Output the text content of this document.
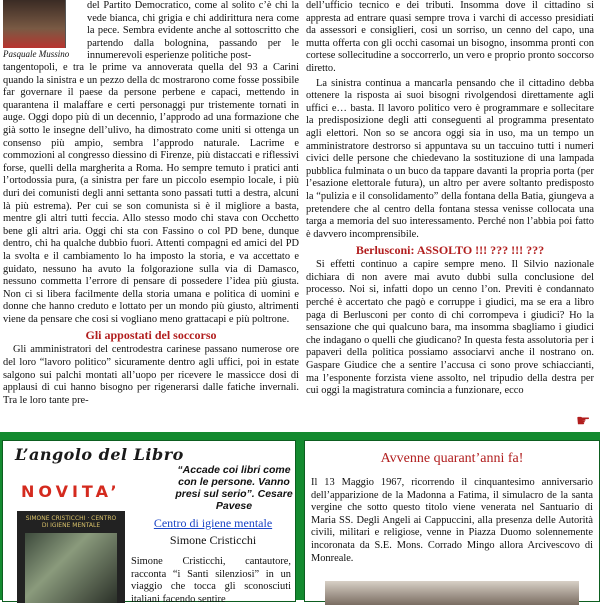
del Partito Democratico, come al solito c’è chi la vede bianca, chi grigia e chi addirittura nera come la pece. Sembra evidente anche al sottoscritto che partendo dalla bolognina, passando per le innumerevoli esperienze politiche post-

tangentopoli, e tra le prime va annoverata quella del 93 a Carini quando la sinistra e un pezzo della dc mostrarono come fosse possibile far governare il paese da persone perbene e capaci, mettendo in quarantena il malaffare e certi personaggi pur tristemente tornati in auge. Oggi dopo più di un decennio, l’approdo ad una formazione che già sotto le insegne dell’ulivo, ha dimostrato come uniti si ottenga un consenso più ampio, sembra l’approdo naturale. Lacrime e commozioni al congresso diessino di Firenze, più distaccati e riflessivi forse, quelli della margherita a Roma. Ho sempre temuto i pratici anti l’ortodossia pura, (a sinistra per fare un piccolo esempio locale, i più duri dei comunisti degli anni settanta sono passati tutti a destra, alcuni là più estrema). Per cui se son comunista si è il migliore a basta, mentre gli altri tutti feccia. Allo stesso modo chi stava con Occhetto bene gli altri aria. Oggi chi sta con Fassino o col PD bene, dunque dentro, chi ha qualche dubbio fuori. Attenti compagni ed amici del PD la svolta e il cambiamento lo ha imposto la storia, e va accettato e guidato, nessuno ha avuto la folgorazione sulla via di Damasco, nessuno commetta l’errore di pensare di possedere l’idea più giusta. Non ci si libera facilmente della storia umana e politica di uomini e donne che hanno creduto e lottato per un mondo più giusto, altrimenti viene da pensare che cosi si vogliano meno grattacapi e più poltrone.

Gli appostati del soccorso

Gli amministratori del centrodestra carinese passano numerose ore del loro “lavoro politico” sicuramente dentro agli uffici, poi in estate salgono sui palchi montati all’uopo per ricevere le massicce dosi di applausi di cui hanno bisogno per rigenerarsi dalle fatiche invernali. Tra le loro tante pre-

Pasquale Mussino

dell’ufficio tecnico e dei tributi. Insomma dove il cittadino si appresta ad entrare quasi sempre trova i varchi di accesso presidiati da assessori e consiglieri, cosi un sorriso, un cenno del capo, una mutta offerta con gli occhi casomai un bisogno, insomma pronti con cortese sollecitudine a soccorrerlo, un vero e proprio pronto soccorso diretto.

La sinistra continua a mancarla pensando che il cittadino debba ottenere la risposta ai suoi bisogni rivolgendosi direttamente agli uffici e… basta. Il lavoro politico vero è programmare e sollecitare la predisposizione degli atti conseguenti al programma presentato agli elettori. Non so se ancora oggi sia in uso, ma un tempo un amministratore destrorso si appuntava su un taccuino tutti i numeri civici delle persone che chiedevano la sostituzione di una lampada pubblica fulminata o un buco da tappare davanti la propria porta (per l’esazione elettorale futura), un altro per avere soltanto predisposto la “pulizia e il consolidamento” della fontana della Batia, giungeva a pretendere che al centro della fontana stessa venisse collocata una targa a memoria del suo interessamento. Perché non l’abbia poi fatto è davvero incomprensibile.

Berlusconi: ASSOLTO !!! ??? !!! ???

Si effetti continuo a capire sempre meno. Il Silvio nazionale dichiara di non avere mai avuto dubbi sulla conclusione del processo. Noi si, infatti dopo un cenno l’on. Previti è condannato perché è accertato che pagò e corruppe i giudici, ma se era a libro paga di Berlusconi per conto di chi corrompeva i giudici? Ho la sensazione che qui qualcuno bara, ma insomma sbagliamo i giudici che indagano o quelli che giudicano? In questa festa assolutoria per i papaveri della politica possiamo associarvi anche il nostrano on. Gaspare Giudice che a sentire l’accusa ci sono prove schiaccianti, ma l’esponente forzista viene assolto, nel tripudio della destra per cui oggi la magistratura comincia a funzionare, ecco

☛
L’angolo del Libro
“Accade coi libri come con le persone. Vanno presi sul serio”. Cesare Pavese
NOVITA’
SIMONE CRISTICCHI · CENTRO DI IGIENE MENTALE	Centro di igiene mentale
Simone Cristicchi
Simone Cristicchi, cantautore, racconta “i Santi silenziosi” in un viaggio che tocca gli sconosciuti italiani facendo sentire
Avvenne quarant’anni fa!
Il 13 Maggio 1967, ricorrendo il cinquantesimo anniversario dell’apparizione de la Madonna a Fatima, il simulacro de la santa vergine che sotto questo titolo viene venerata nel Santuario di Maria SS. Degli Angeli ai Cappuccini, alla presenza delle Autorità civili, militari e religiose, venne in Piazza Duomo solennemente incoronata da S.E. Mons. Corrado Mingo allora Arcivescovo di Monreale.
